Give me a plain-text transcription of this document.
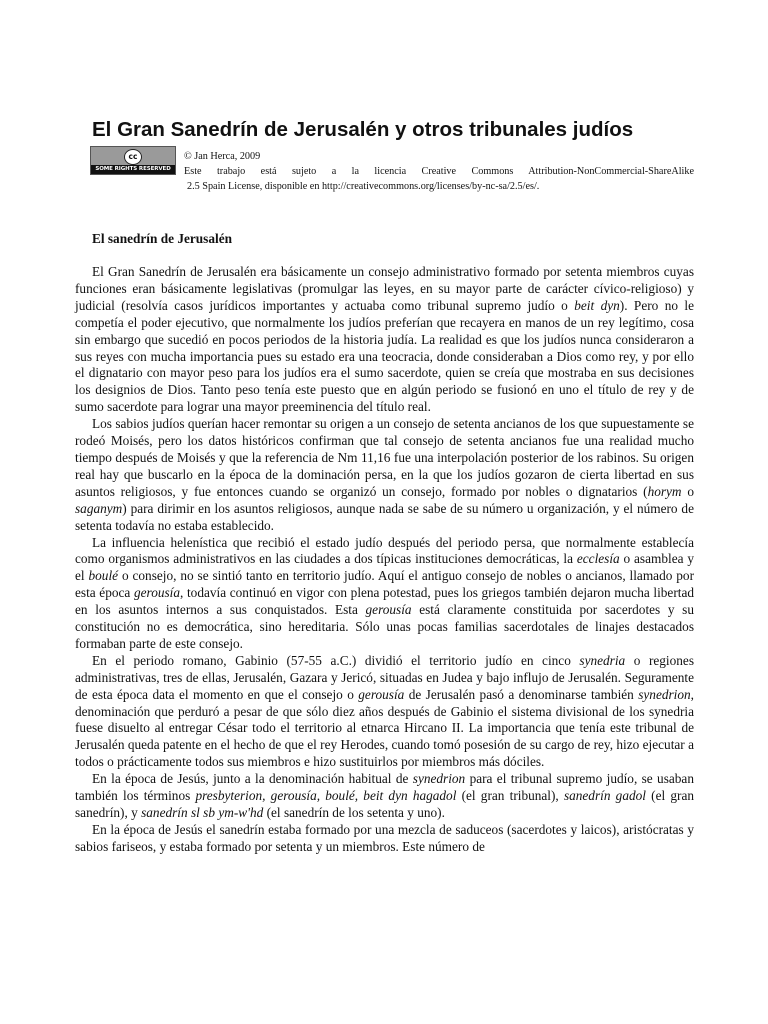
El Gran Sanedrín de Jerusalén y otros tribunales judíos
cc
SOME RIGHTS RESERVED
© Jan Herca, 2009
Este trabajo está sujeto a la licencia Creative Commons Attribution-NonCommercial-ShareAlike
2.5 Spain License, disponible en http://creativecommons.org/licenses/by-nc-sa/2.5/es/.
El sanedrín de Jerusalén

El Gran Sanedrín de Jerusalén era básicamente un consejo administrativo formado por setenta miembros cuyas funciones eran básicamente legislativas (promulgar las leyes, en su mayor parte de carácter cívico-religioso) y judicial (resolvía casos jurídicos importantes y actuaba como tribunal supremo judío o beit dyn). Pero no le competía el poder ejecutivo, que normalmente los judíos preferían que recayera en manos de un rey legítimo, cosa sin embargo que sucedió en pocos periodos de la historia judía. La realidad es que los judíos nunca consideraron a sus reyes con mucha importancia pues su estado era una teocracia, donde consideraban a Dios como rey, y por ello el dignatario con mayor peso para los judíos era el sumo sacerdote, quien se creía que mostraba en sus decisiones los designios de Dios. Tanto peso tenía este puesto que en algún periodo se fusionó en uno el título de rey y de sumo sacerdote para lograr una mayor preeminencia del título real.

Los sabios judíos querían hacer remontar su origen a un consejo de setenta ancianos de los que supuestamente se rodeó Moisés, pero los datos históricos confirman que tal consejo de setenta ancianos fue una realidad mucho tiempo después de Moisés y que la referencia de Nm 11,16 fue una interpolación posterior de los rabinos. Su origen real hay que buscarlo en la época de la dominación persa, en la que los judíos gozaron de cierta libertad en sus asuntos religiosos, y fue entonces cuando se organizó un consejo, formado por nobles o dignatarios (horym o saganym) para dirimir en los asuntos religiosos, aunque nada se sabe de su número u organización, y el número de setenta todavía no estaba establecido.

La influencia helenística que recibió el estado judío después del periodo persa, que normalmente establecía como organismos administrativos en las ciudades a dos típicas instituciones democráticas, la ecclesía o asamblea y el boulé o consejo, no se sintió tanto en territorio judío. Aquí el antiguo consejo de nobles o ancianos, llamado por esta época gerousía, todavía continuó en vigor con plena potestad, pues los griegos también dejaron mucha libertad en los asuntos internos a sus conquistados. Esta gerousía está claramente constituida por sacerdotes y su constitución no es democrática, sino hereditaria. Sólo unas pocas familias sacerdotales de linajes destacados formaban parte de este consejo.

En el periodo romano, Gabinio (57-55 a.C.) dividió el territorio judío en cinco synedria o regiones administrativas, tres de ellas, Jerusalén, Gazara y Jericó, situadas en Judea y bajo influjo de Jerusalén. Seguramente de esta época data el momento en que el consejo o gerousía de Jerusalén pasó a denominarse también synedrion, denominación que perduró a pesar de que sólo diez años después de Gabinio el sistema divisional de los synedria fuese disuelto al entregar César todo el territorio al etnarca Hircano II. La importancia que tenía este tribunal de Jerusalén queda patente en el hecho de que el rey Herodes, cuando tomó posesión de su cargo de rey, hizo ejecutar a todos o prácticamente todos sus miembros e hizo sustituirlos por miembros más dóciles.

En la época de Jesús, junto a la denominación habitual de synedrion para el tribunal supremo judío, se usaban también los términos presbyterion, gerousía, boulé, beit dyn hagadol (el gran tribunal), sanedrín gadol (el gran sanedrín), y sanedrín sl sb ym-w'hd (el sanedrín de los setenta y uno).

En la época de Jesús el sanedrín estaba formado por una mezcla de saduceos (sacerdotes y laicos), aristócratas y sabios fariseos, y estaba formado por setenta y un miembros. Este número de
